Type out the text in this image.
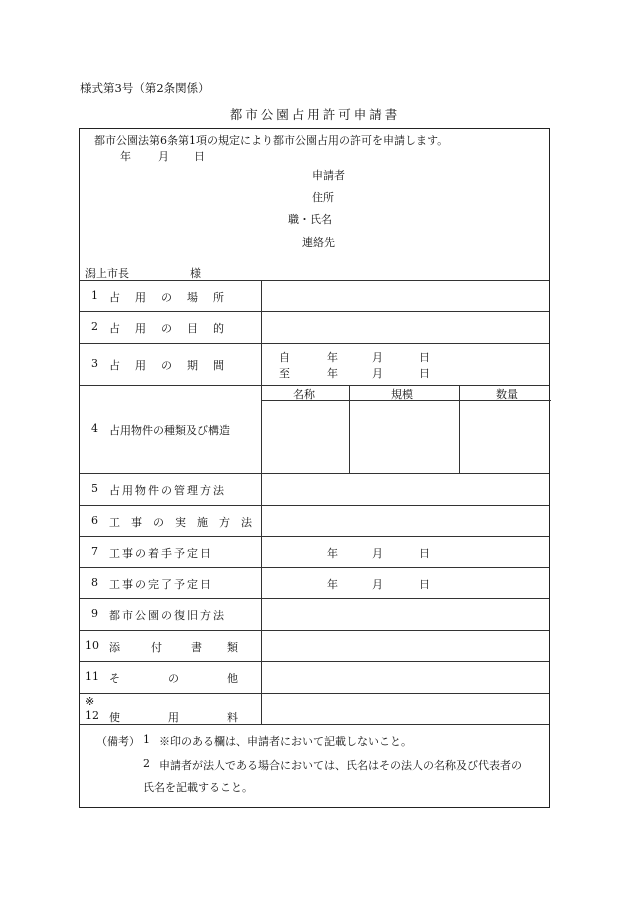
様式第3号（第2条関係）
都市公園占用許可申請書
都市公園法第6条第1項の規定により都市公園占用の許可を申請します。
年 月 日
申請者
住所
職・氏名
連絡先
潟上市長	様
1 占　用　の　場　所
2 占　用　の　目　的
3 占　用　の　期　間
自	年	月	日
至	年	月	日
4 占用物件の種類及び構造
名称	規模	数量
5 占用物件の管理方法
6 工　事　の　実　施　方　法
7 工事の着手予定日	年	月	日
8 工事の完了予定日	年	月	日
9 都市公園の復旧方法
10 添	付	書 類
11 そ	の	他
※
12 使	用	料
（備考） 1 ※印のある欄は、申請者において記載しないこと。
2 申請者が法人である場合においては、氏名はその法人の名称及び代表者の
氏名を記載すること。
